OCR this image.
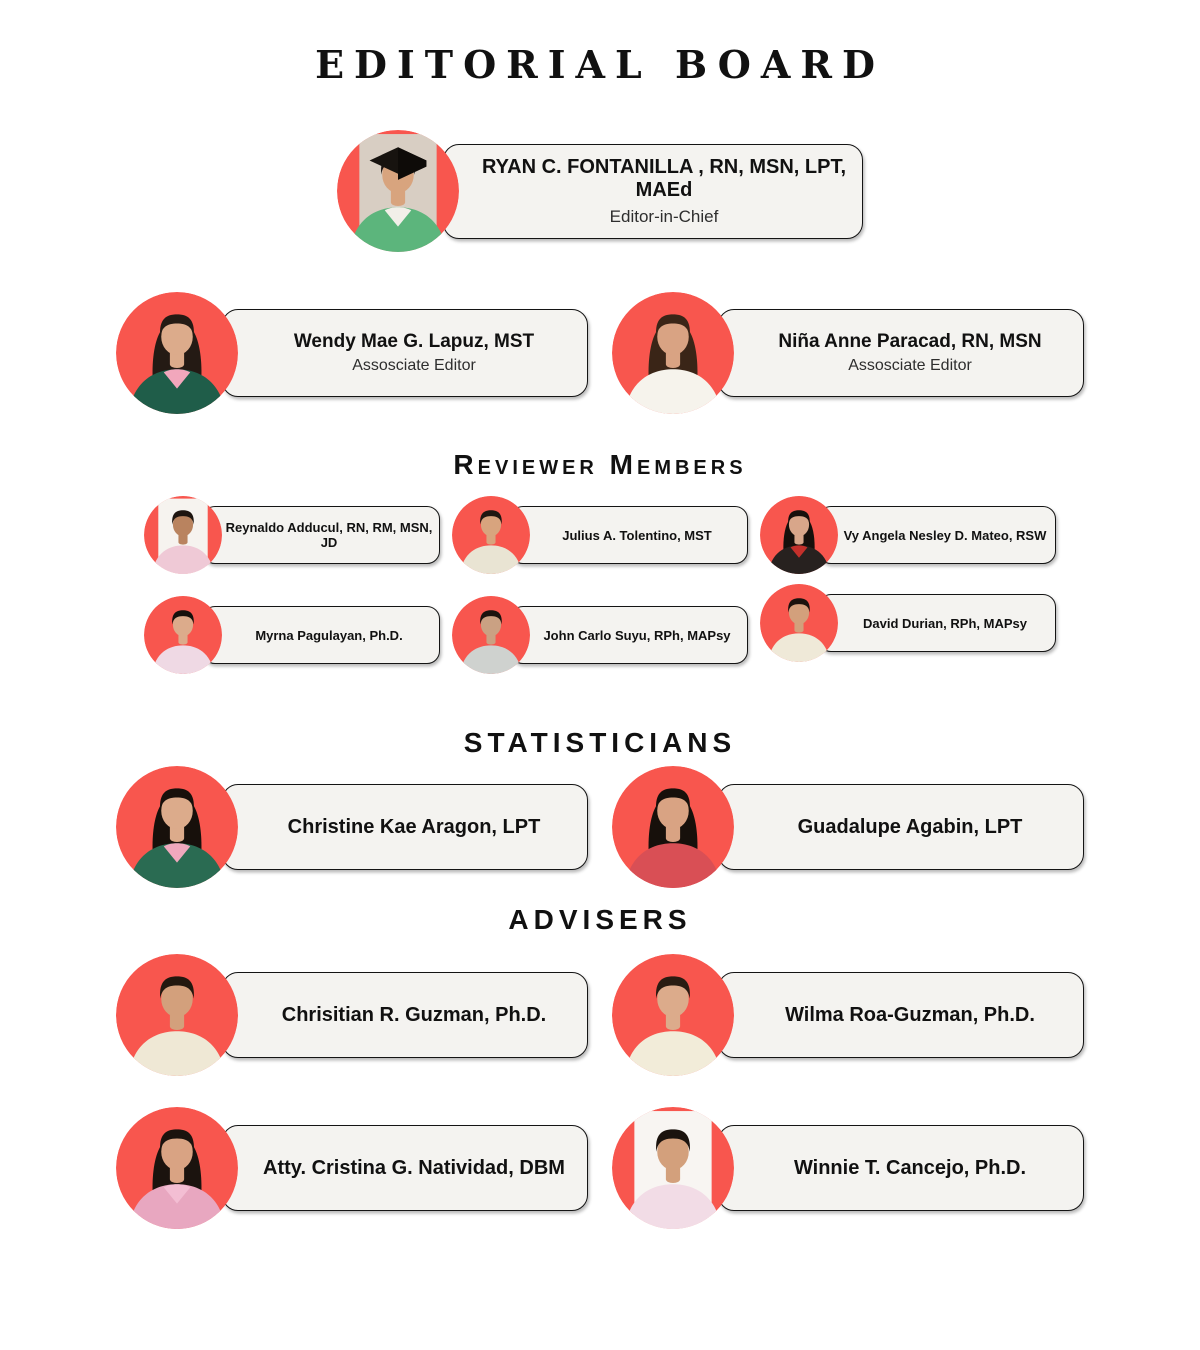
EDITORIAL BOARD
RYAN C. FONTANILLA , RN, MSN, LPT, MAEd
Editor-in-Chief
Wendy Mae G. Lapuz, MST
Assosciate Editor
Niña Anne Paracad, RN, MSN
Assosciate Editor
Reviewer Members
Reynaldo Adducul, RN, RM, MSN, JD	Julius A. Tolentino, MST	Vy Angela Nesley D. Mateo, RSW
Myrna Pagulayan, Ph.D.	John Carlo Suyu, RPh, MAPsy
David Durian, RPh, MAPsy
STATISTICIANS
Christine Kae Aragon, LPT	Guadalupe Agabin, LPT
ADVISERS
Chrisitian R. Guzman, Ph.D.	Wilma Roa-Guzman, Ph.D.
Atty. Cristina G. Natividad, DBM	Winnie T. Cancejo, Ph.D.
